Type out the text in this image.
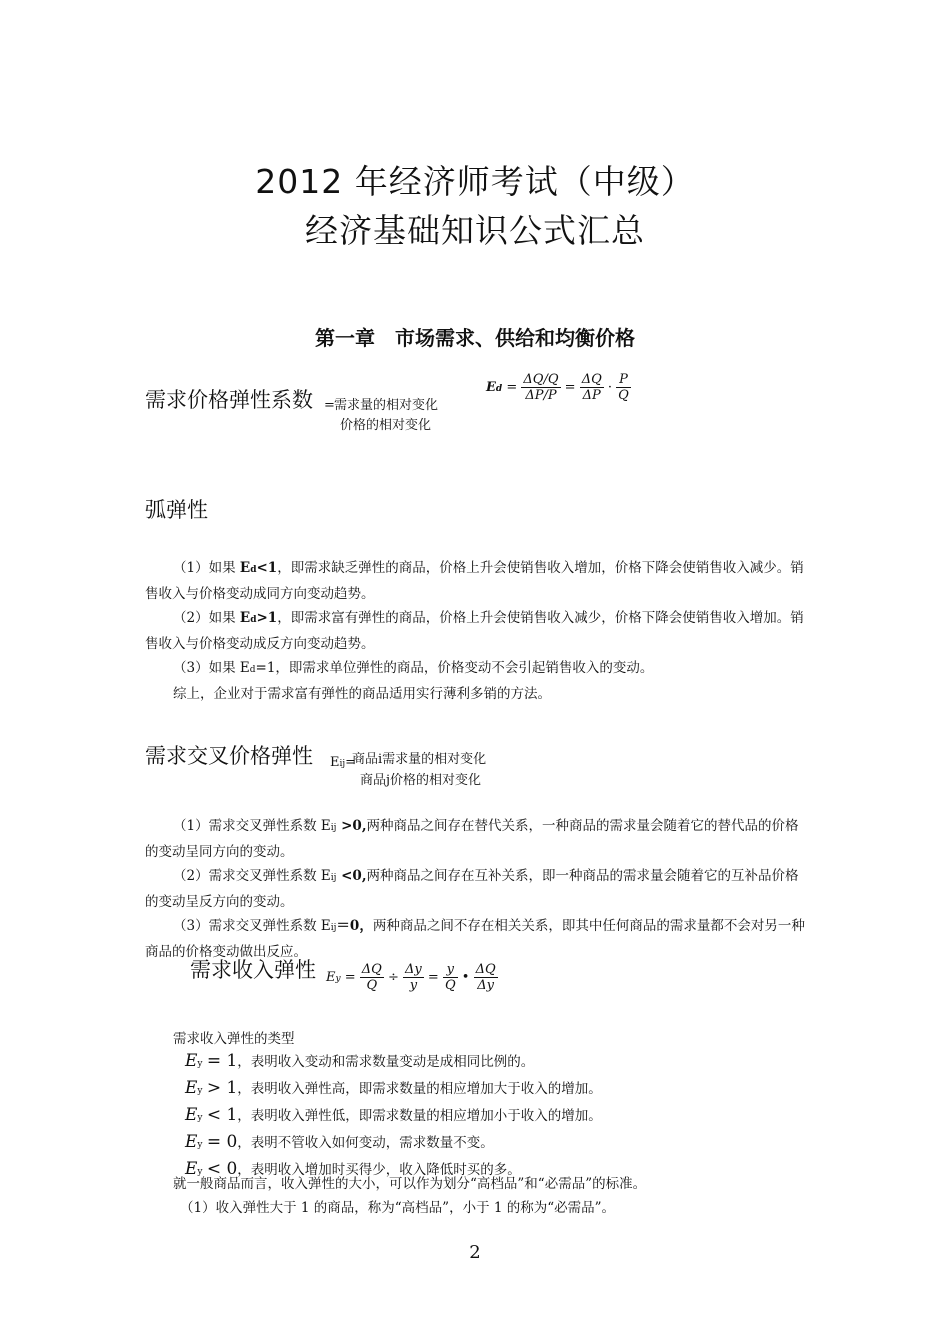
2012 年经济师考试（中级）
经济基础知识公式汇总
第一章　市场需求、供给和均衡价格
需求价格弹性系数 = 需求量的相对变化
价格的相对变化
$Ed = \frac{\Delta Q/Q}{\Delta P/P} = \frac{\Delta Q}{\Delta P} \cdot \frac{P}{Q}$
弧弹性
（1）如果 Ed<1，即需求缺乏弹性的商品，价格上升会使销售收入增加，价格下降会使销售收入减少。销售收入与价格变动成同方向变动趋势。
（2）如果 Ed>1，即需求富有弹性的商品，价格上升会使销售收入减少，价格下降会使销售收入增加。销售收入与价格变动成反方向变动趋势。
（3）如果 Ed=1，即需求单位弹性的商品，价格变动不会引起销售收入的变动。
综上，企业对于需求富有弹性的商品适用实行薄利多销的方法。
需求交叉价格弹性 Eij=
商品i需求量的相对变化
商品j价格的相对变化
（1）需求交叉弹性系数 Eij >0,两种商品之间存在替代关系，一种商品的需求量会随着它的替代品的价格的变动呈同方向的变动。
（2）需求交叉弹性系数 Eij <0,两种商品之间存在互补关系，即一种商品的需求量会随着它的互补品价格的变动呈反方向的变动。
（3）需求交叉弹性系数 Eij＝0，两种商品之间不存在相关关系，即其中任何商品的需求量都不会对另一种商品的价格变动做出反应。
需求收入弹性 $Ey = \frac{\Delta Q}{Q} \div \frac{\Delta y}{y} = \frac{y}{Q}$ • $\frac{\Delta Q}{\Delta y}$
需求收入弹性的类型
Ey = 1，表明收入变动和需求数量变动是成相同比例的。
Ey > 1，表明收入弹性高，即需求数量的相应增加大于收入的增加。
Ey < 1，表明收入弹性低，即需求数量的相应增加小于收入的增加。
Ey = 0，表明不管收入如何变动，需求数量不变。
Ey < 0，表明收入增加时买得少，收入降低时买的多。
就一般商品而言，收入弹性的大小，可以作为划分“高档品”和“必需品”的标准。
（1）收入弹性大于 1 的商品，称为“高档品”，小于 1 的称为“必需品”。
2
